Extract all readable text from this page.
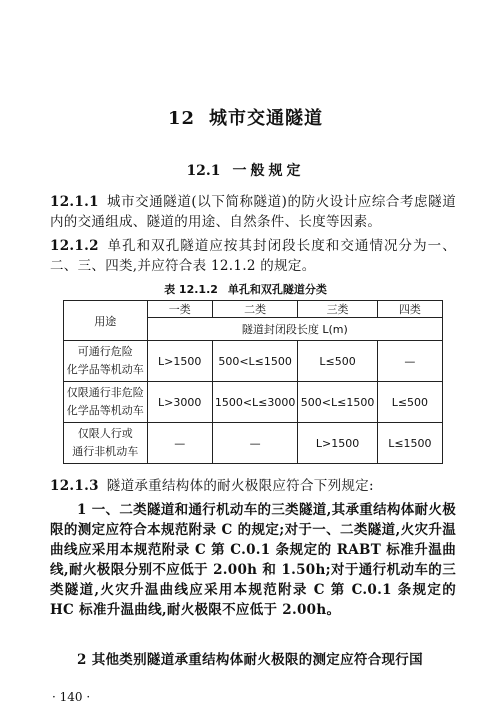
12 城市交通隧道
12.1 一般规定
12.1.1 城市交通隧道(以下简称隧道)的防火设计应综合考虑隧道内的交通组成、隧道的用途、自然条件、长度等因素。
12.1.2 单孔和双孔隧道应按其封闭段长度和交通情况分为一、二、三、四类,并应符合表 12.1.2 的规定。
表 12.1.2 单孔和双孔隧道分类
用途	一类	二类	三类	四类
	隧道封闭段长度 L(m)			
可通行危险
化学品等机动车	L>1500	500<L≤1500	L≤500	—
仅限通行非危险
化学品等机动车	L>3000	1500<L≤3000	500<L≤1500	L≤500
仅限人行或
通行非机动车	—	—	L>1500	L≤1500
12.1.3 隧道承重结构体的耐火极限应符合下列规定:
1 一、二类隧道和通行机动车的三类隧道,其承重结构体耐火极限的测定应符合本规范附录 C 的规定;对于一、二类隧道,火灾升温曲线应采用本规范附录 C 第 C.0.1 条规定的 RABT 标准升温曲线,耐火极限分别不应低于 2.00h 和 1.50h;对于通行机动车的三类隧道,火灾升温曲线应采用本规范附录 C 第 C.0.1 条规定的 HC 标准升温曲线,耐火极限不应低于 2.00h。
2 其他类别隧道承重结构体耐火极限的测定应符合现行国
· 140 ·
